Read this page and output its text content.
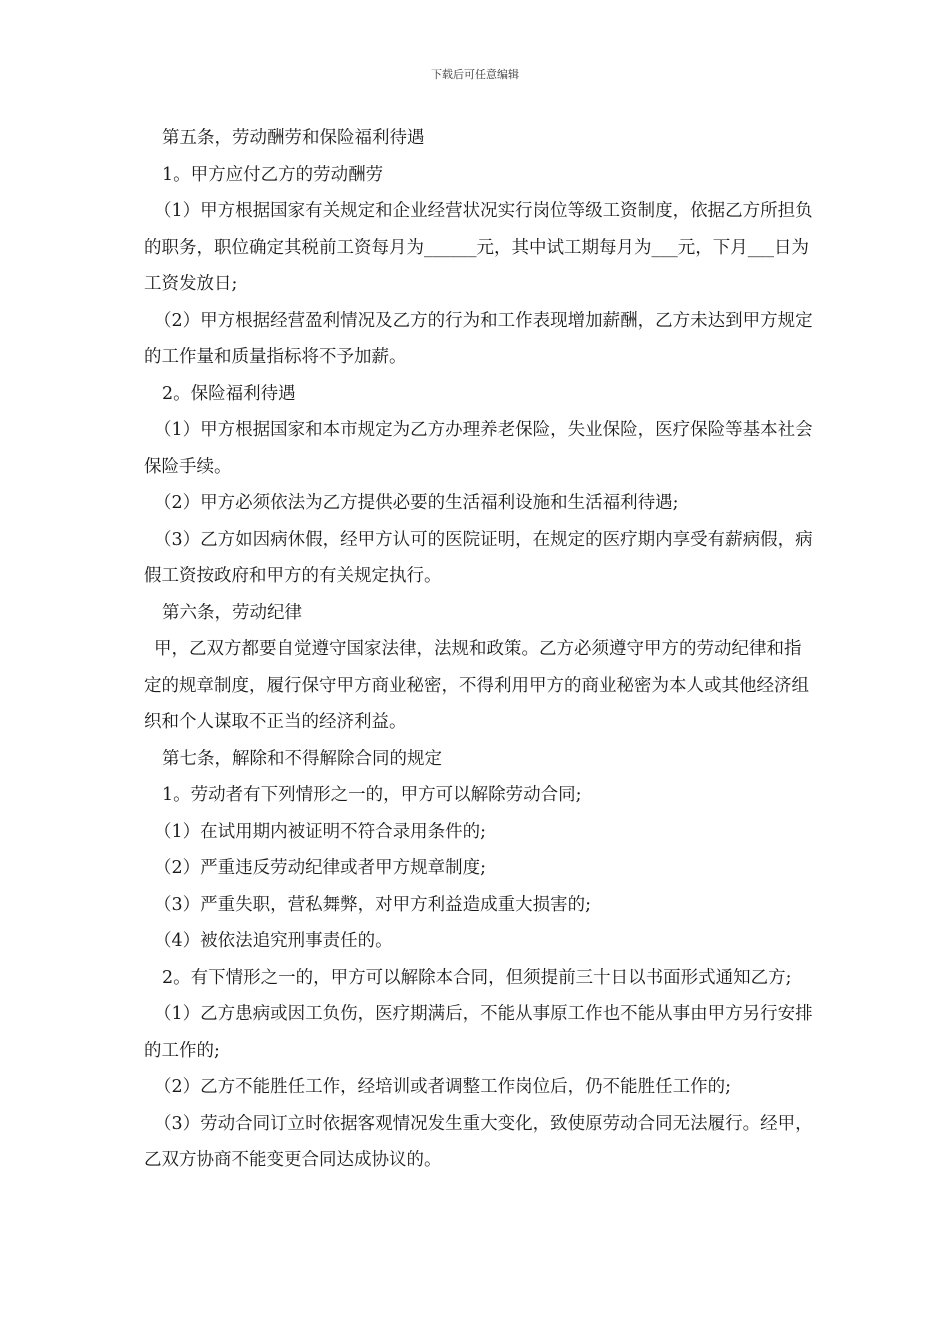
下载后可任意编辑

第五条，劳动酬劳和保险福利待遇

1。甲方应付乙方的劳动酬劳

（1）甲方根据国家有关规定和企业经营状况实行岗位等级工资制度，依据乙方所担负的职务，职位确定其税前工资每月为______元，其中试工期每月为___元，下月___日为工资发放日;

（2）甲方根据经营盈利情况及乙方的行为和工作表现增加薪酬，乙方未达到甲方规定的工作量和质量指标将不予加薪。

2。保险福利待遇

（1）甲方根据国家和本市规定为乙方办理养老保险，失业保险，医疗保险等基本社会保险手续。

（2）甲方必须依法为乙方提供必要的生活福利设施和生活福利待遇;

（3）乙方如因病休假，经甲方认可的医院证明，在规定的医疗期内享受有薪病假，病假工资按政府和甲方的有关规定执行。

第六条，劳动纪律

甲，乙双方都要自觉遵守国家法律，法规和政策。乙方必须遵守甲方的劳动纪律和指定的规章制度，履行保守甲方商业秘密，不得利用甲方的商业秘密为本人或其他经济组织和个人谋取不正当的经济利益。

第七条，解除和不得解除合同的规定

1。劳动者有下列情形之一的，甲方可以解除劳动合同;

（1）在试用期内被证明不符合录用条件的;

（2）严重违反劳动纪律或者甲方规章制度;

（3）严重失职，营私舞弊，对甲方利益造成重大损害的;

（4）被依法追究刑事责任的。

2。有下情形之一的，甲方可以解除本合同，但须提前三十日以书面形式通知乙方;

（1）乙方患病或因工负伤，医疗期满后，不能从事原工作也不能从事由甲方另行安排的工作的;

（2）乙方不能胜任工作，经培训或者调整工作岗位后，仍不能胜任工作的;

（3）劳动合同订立时依据客观情况发生重大变化，致使原劳动合同无法履行。经甲，乙双方协商不能变更合同达成协议的。
